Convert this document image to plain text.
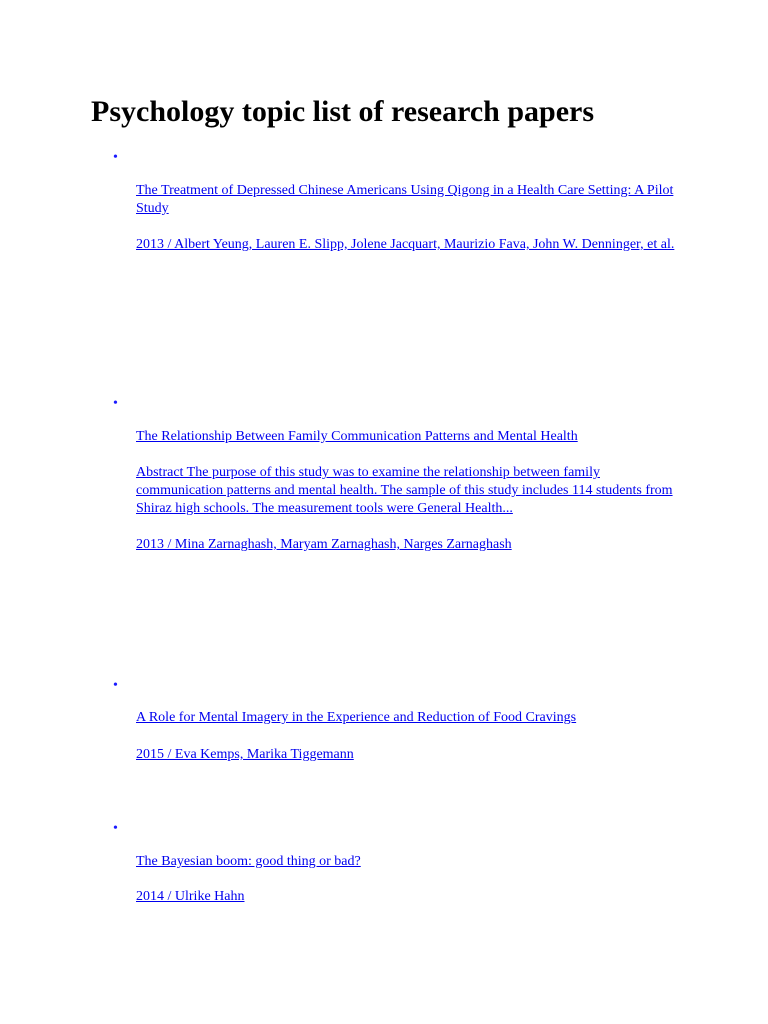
Psychology topic list of research papers
•
The Treatment of Depressed Chinese Americans Using Qigong in a Health Care Setting: A Pilot Study
2013 / Albert Yeung, Lauren E. Slipp, Jolene Jacquart, Maurizio Fava, John W. Denninger, et al.
•
The Relationship Between Family Communication Patterns and Mental Health
Abstract The purpose of this study was to examine the relationship between family communication patterns and mental health. The sample of this study includes 114 students from Shiraz high schools. The measurement tools were General Health...
2013 / Mina Zarnaghash, Maryam Zarnaghash, Narges Zarnaghash
•
A Role for Mental Imagery in the Experience and Reduction of Food Cravings
2015 / Eva Kemps, Marika Tiggemann
•
The Bayesian boom: good thing or bad?
2014 / Ulrike Hahn
